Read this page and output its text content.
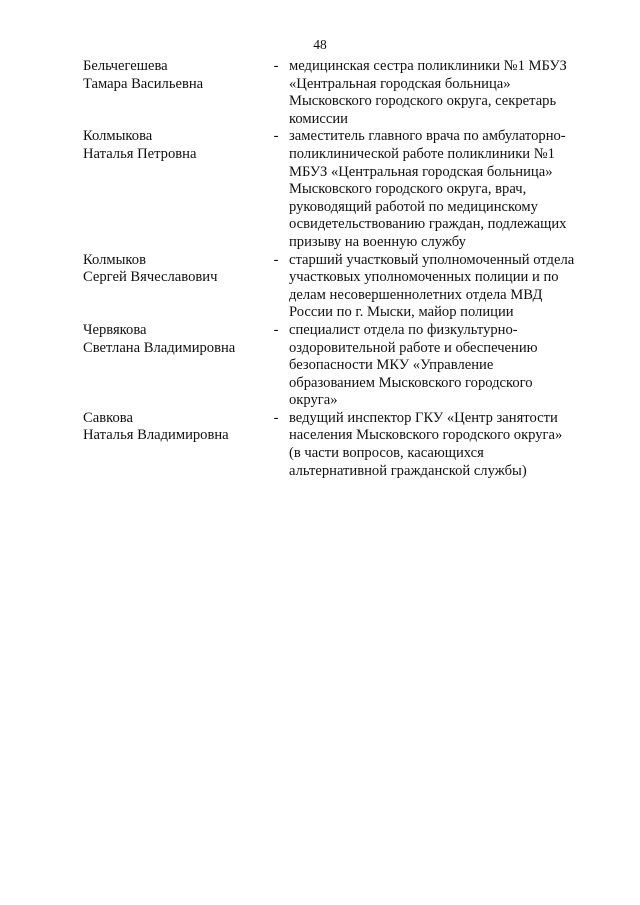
48
Бельчегешева
Тамара Васильевна
- медицинская сестра поликлиники №1 МБУЗ
«Центральная городская больница»
Мысковского городского округа, секретарь
комиссии
Колмыкова
Наталья Петровна
- заместитель главного врача по амбулаторно-
поликлинической работе поликлиники №1
МБУЗ «Центральная городская больница»
Мысковского городского округа, врач,
руководящий работой по медицинскому
освидетельствованию граждан, подлежащих
призыву на военную службу
Колмыков
Сергей Вячеславович
- старший участковый уполномоченный отдела
участковых уполномоченных полиции и по
делам несовершеннолетних отдела МВД
России по г. Мыски, майор полиции
Червякова
Светлана Владимировна
- специалист отдела по физкультурно-
оздоровительной работе и обеспечению
безопасности МКУ «Управление
образованием Мысковского городского
округа»
Савкова
Наталья Владимировна
- ведущий инспектор ГКУ «Центр занятости
населения Мысковского городского округа»
(в части вопросов, касающихся
альтернативной гражданской службы)
